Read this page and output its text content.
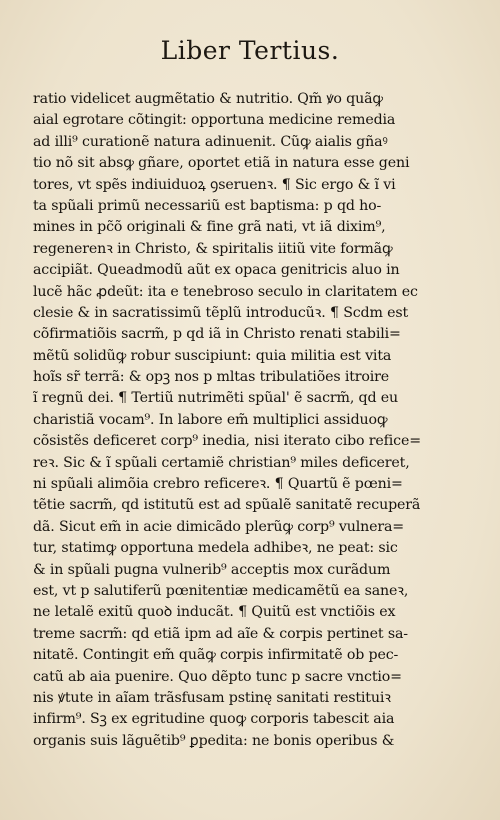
Liber Tertius.
ratio videlicet augmẽtatio & nutritio. Qm̃ ꝟo quãꝙ
aial egrotare cõtingit: opportuna medicine remedia
ad illi⁹ curationẽ natura adinuenit. Cũꝙ aialis gñaꝰ
tio nõ sit absꝙ gñare, oportet etiã in natura esse geni
tores, vt spẽs indiuiduoꝝ ꝯseruenꝛ. ¶ Sic ergo & ĩ vi
ta spũali primũ necessariũ est baptisma: p qd ho-
mines in pc̃õ originali & fine grã nati, vt iã dixim⁹,
regenerenꝛ in Christo, & spiritalis iitiũ vite formãꝙ
accipiãt. Queadmodũ aũt ex opaca genitricis aluo in
lucẽ hãc ꝓdeũt: ita e tenebroso seculo in claritatem ec
clesie & in sacratissimũ tẽplũ introducũꝛ. ¶ Scdm est
cõfirmatiõis sacrm̃, p qd iã in Christo renati stabili=
mẽtũ solidũꝙ robur suscipiunt: quia militia est vita
hoĩs sr̃ terrã: & opꝫ nos p mltas tribulatiões itroire
ĩ regnũ dei. ¶ Tertiũ nutrimẽti spũal' ẽ sacrm̃, qd eu
charistiã vocam⁹. In labore em̃ multiplici assiduoꝙ
cõsistẽs deficeret corp⁹ inedia, nisi iterato cibo refice=
reꝛ. Sic & ĩ spũali certamiẽ christian⁹ miles deficeret,
ni spũali alimõia crebro reficereꝛ. ¶ Quartũ ẽ pœni=
tẽtie sacrm̃, qd istitutũ est ad spũalẽ sanitatẽ recuperã
dã. Sicut em̃ in acie dimicãdo plerũꝙ corp⁹ vulnera=
tur, statimꝙ opportuna medela adhibeꝛ, ne peat: sic
& in spũali pugna vulnerib⁹ acceptis mox curãdum
est, vt p salutiferũ pœnitentiæ medicamẽtũ ea saneꝛ,
ne letalẽ exitũ quoꝺ inducãt. ¶ Quitũ est vnctiõis ex
treme sacrm̃: qd etiã ipm ad aĩe & corpis pertinet sa-
nitatẽ. Contingit em̃ quãꝙ corpis infirmitatẽ ob pec-
catũ ab aia puenire. Quo dẽpto tunc p sacre vnctio=
nis ꝟtute in aĩam trãsfusam pstinę sanitati restituiꝛ
infirm⁹. Sꝫ ex egritudine quoꝙ corporis tabescit aia
organis suis lãguẽtib⁹ ꝑpedita: ne bonis operibus &
